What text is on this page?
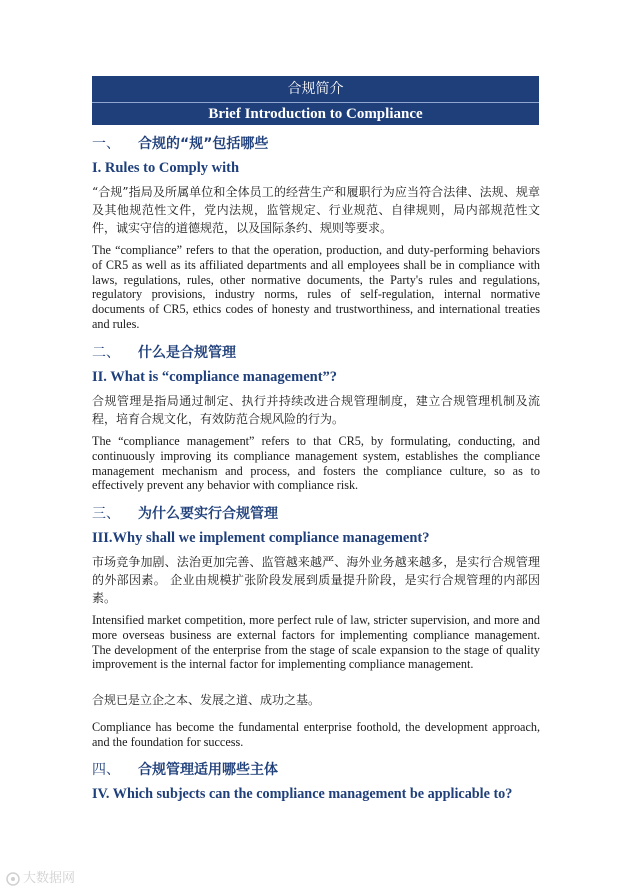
合规简介
Brief Introduction to Compliance
一、 合规的“规”包括哪些
I. Rules to Comply with
“合规”指局及所属单位和全体员工的经营生产和履职行为应当符合法律、法规、规章及其他规范性文件，党内法规，监管规定、行业规范、自律规则，局内部规范性文件，诚实守信的道德规范，以及国际条约、规则等要求。
The “compliance” refers to that the operation, production, and duty-performing behaviors of CR5 as well as its affiliated departments and all employees shall be in compliance with laws, regulations, rules, other normative documents, the Party's rules and regulations, regulatory provisions, industry norms, rules of self-regulation, internal normative documents of CR5, ethics codes of honesty and trustworthiness, and international treaties and rules.
二、 什么是合规管理
II. What is “compliance management”?
合规管理是指局通过制定、执行并持续改进合规管理制度，建立合规管理机制及流程，培育合规文化，有效防范合规风险的行为。
The “compliance management” refers to that CR5, by formulating, conducting, and continuously improving its compliance management system, establishes the compliance management mechanism and process, and fosters the compliance culture, so as to effectively prevent any behavior with compliance risk.
三、 为什么要实行合规管理
III.Why shall we implement compliance management?
市场竞争加剧、法治更加完善、监管越来越严、海外业务越来越多，是实行合规管理的外部因素。 企业由规模扩张阶段发展到质量提升阶段，是实行合规管理的内部因素。
Intensified market competition, more perfect rule of law, stricter supervision, and more and more overseas business are external factors for implementing compliance management. The development of the enterprise from the stage of scale expansion to the stage of quality improvement is the internal factor for implementing compliance management.
合规已是立企之本、发展之道、成功之基。
Compliance has become the fundamental enterprise foothold, the development approach, and the foundation for success.
四、 合规管理适用哪些主体
IV. Which subjects can the compliance management be applicable to?
大数据网
